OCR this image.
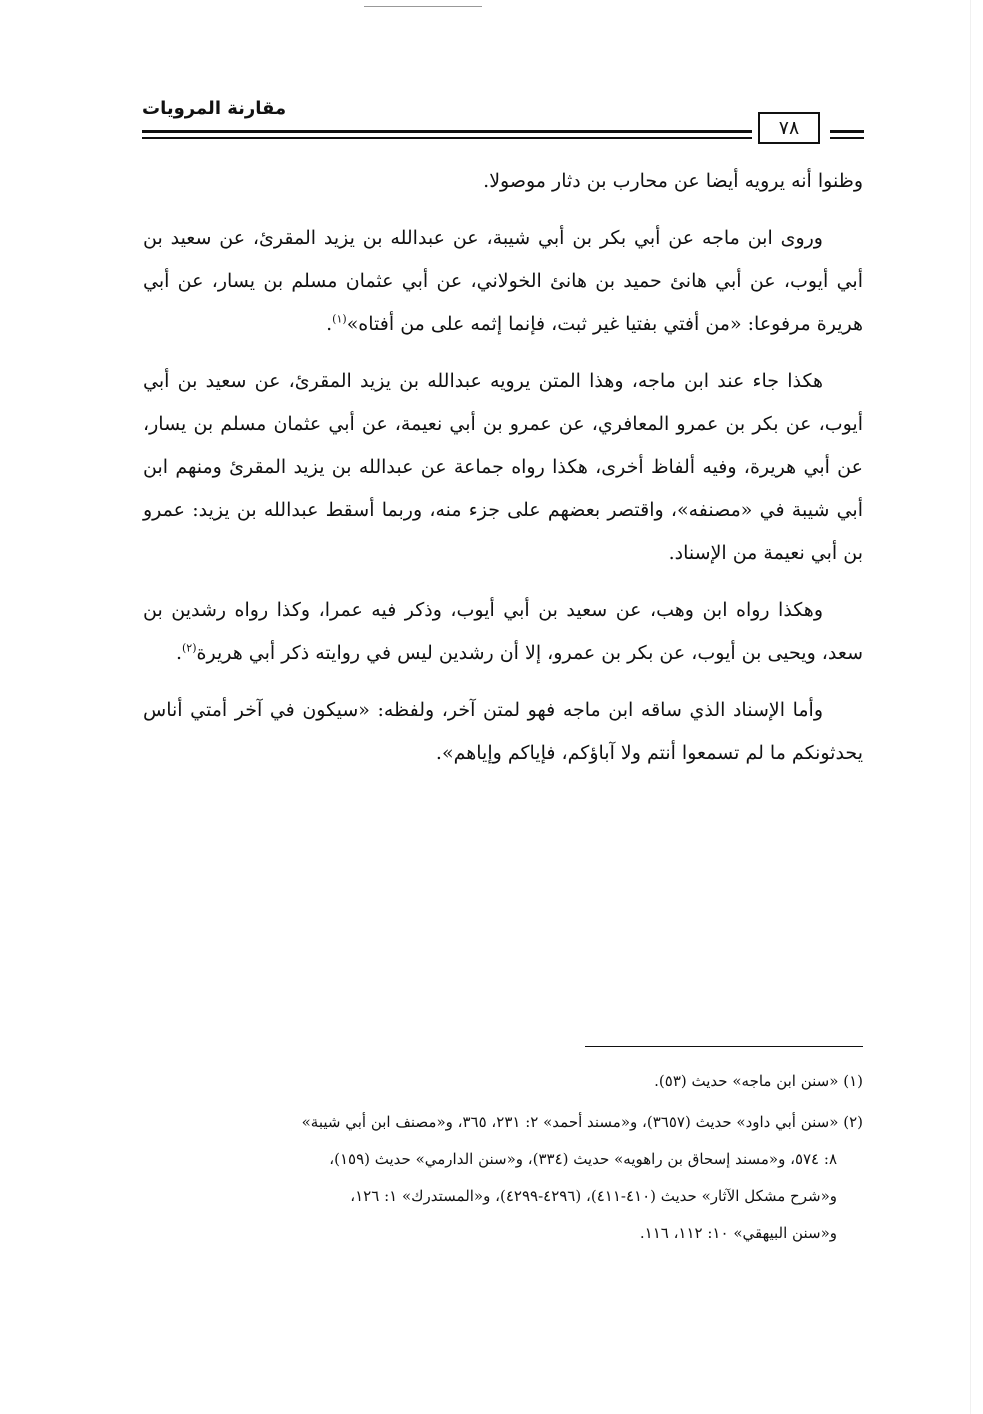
مقارنة المرويات
٧٨

وظنوا أنه يرويه أيضا عن محارب بن دثار موصولا.

وروى ابن ماجه عن أبي بكر بن أبي شيبة، عن عبدالله بن يزيد المقرئ، عن سعيد بن أبي أيوب، عن أبي هانئ حميد بن هانئ الخولاني، عن أبي عثمان مسلم بن يسار، عن أبي هريرة مرفوعا: «من أفتي بفتيا غير ثبت، فإنما إثمه على من أفتاه»$^{(١)}$.

هكذا جاء عند ابن ماجه، وهذا المتن يرويه عبدالله بن يزيد المقرئ، عن سعيد بن أبي أيوب، عن بكر بن عمرو المعافري، عن عمرو بن أبي نعيمة، عن أبي عثمان مسلم بن يسار، عن أبي هريرة، وفيه ألفاظ أخرى، هكذا رواه جماعة عن عبدالله بن يزيد المقرئ ومنهم ابن أبي شيبة في «مصنفه»، واقتصر بعضهم على جزء منه، وربما أسقط عبدالله بن يزيد: عمرو بن أبي نعيمة من الإسناد.

وهكذا رواه ابن وهب، عن سعيد بن أبي أيوب، وذكر فيه عمرا، وكذا رواه رشدين بن سعد، ويحيى بن أيوب، عن بكر بن عمرو، إلا أن رشدين ليس في روايته ذكر أبي هريرة$^{(٢)}$.

وأما الإسناد الذي ساقه ابن ماجه فهو لمتن آخر، ولفظه: «سيكون في آخر أمتي أناس يحدثونكم ما لم تسمعوا أنتم ولا آباؤكم، فإياكم وإياهم».

(١) «سنن ابن ماجه» حديث (٥٣).
(٢) «سنن أبي داود» حديث (٣٦٥٧)، و«مسند أحمد» ٢: ٢٣١، ٣٦٥، و«مصنف ابن أبي شيبة»
٨: ٥٧٤، و«مسند إسحاق بن راهويه» حديث (٣٣٤)، و«سنن الدارمي» حديث (١٥٩)،
و«شرح مشكل الآثار» حديث (٤١٠-٤١١)، (٤٢٩٦-٤٢٩٩)، و«المستدرك» ١: ١٢٦،
و«سنن البيهقي» ١٠: ١١٢، ١١٦.
